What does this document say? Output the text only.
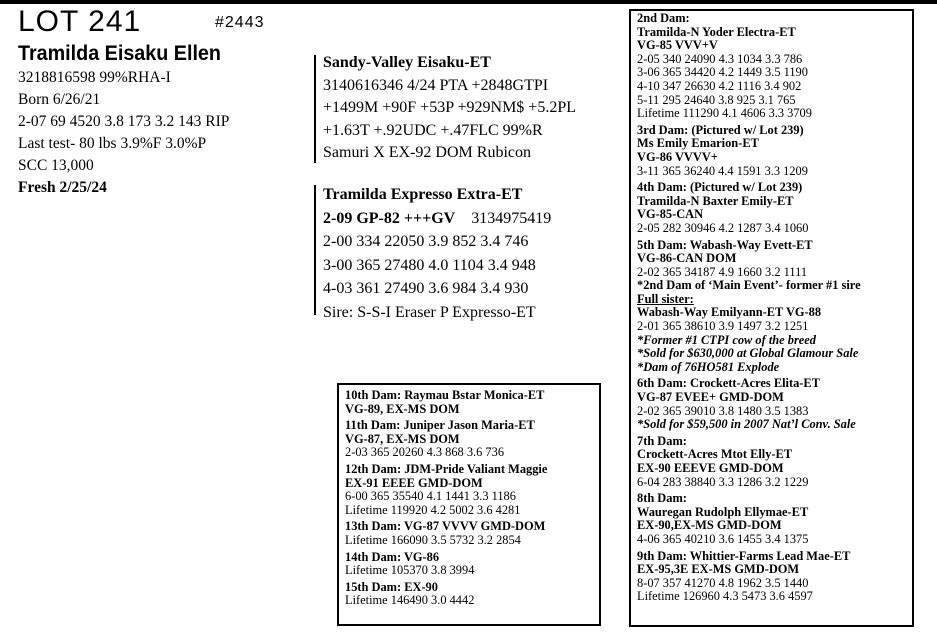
LOT 241	#2443
Tramilda Eisaku Ellen
3218816598 99%RHA-I
Born 6/26/21
2-07 69 4520 3.8 173 3.2 143 RIP
Last test- 80 lbs 3.9%F 3.0%P
SCC 13,000
Fresh 2/25/24
Sandy-Valley Eisaku-ET
3140616346 4/24 PTA +2848GTPI
+1499M +90F +53P +929NM$ +5.2PL
+1.63T +.92UDC +.47FLC 99%R
Samuri X EX-92 DOM Rubicon
Tramilda Expresso Extra-ET
2-09 GP-82 +++GV 3134975419
2-00 334 22050 3.9 852 3.4 746
3-00 365 27480 4.0 1104 3.4 948
4-03 361 27490 3.6 984 3.4 930
Sire: S-S-I Eraser P Expresso-ET
2nd Dam:
Tramilda-N Yoder Electra-ET
VG-85 VVV+V
2-05 340 24090 4.3 1034 3.3 786
3-06 365 34420 4.2 1449 3.5 1190
4-10 347 26630 4.2 1116 3.4 902
5-11 295 24640 3.8 925 3.1 765
Lifetime 111290 4.1 4606 3.3 3709
3rd Dam: (Pictured w/ Lot 239)
Ms Emily Emarion-ET
VG-86 VVVV+
3-11 365 36240 4.4 1591 3.3 1209
4th Dam: (Pictured w/ Lot 239)
Tramilda-N Baxter Emily-ET
VG-85-CAN
2-05 282 30946 4.2 1287 3.4 1060
5th Dam: Wabash-Way Evett-ET
VG-86-CAN DOM
2-02 365 34187 4.9 1660 3.2 1111
*2nd Dam of ‘Main Event’- former #1 sire
Full sister:
Wabash-Way Emilyann-ET VG-88
2-01 365 38610 3.9 1497 3.2 1251
*Former #1 CTPI cow of the breed
*Sold for $630,000 at Global Glamour Sale
*Dam of 76HO581 Explode
6th Dam: Crockett-Acres Elita-ET
VG-87 EVEE+ GMD-DOM
2-02 365 39010 3.8 1480 3.5 1383
*Sold for $59,500 in 2007 Nat’l Conv. Sale
7th Dam:
Crockett-Acres Mtot Elly-ET
EX-90 EEEVE GMD-DOM
6-04 283 38840 3.3 1286 3.2 1229
8th Dam:
Wauregan Rudolph Ellymae-ET
EX-90,EX-MS GMD-DOM
4-06 365 40210 3.6 1455 3.4 1375
9th Dam: Whittier-Farms Lead Mae-ET
EX-95,3E EX-MS GMD-DOM
8-07 357 41270 4.8 1962 3.5 1440
Lifetime 126960 4.3 5473 3.6 4597
10th Dam: Raymau Bstar Monica-ET
VG-89, EX-MS DOM
11th Dam: Juniper Jason Maria-ET
VG-87, EX-MS DOM
2-03 365 20260 4.3 868 3.6 736
12th Dam: JDM-Pride Valiant Maggie
EX-91 EEEE GMD-DOM
6-00 365 35540 4.1 1441 3.3 1186
Lifetime 119920 4.2 5002 3.6 4281
13th Dam: VG-87 VVVV GMD-DOM
Lifetime 166090 3.5 5732 3.2 2854
14th Dam: VG-86
Lifetime 105370 3.8 3994
15th Dam: EX-90
Lifetime 146490 3.0 4442
